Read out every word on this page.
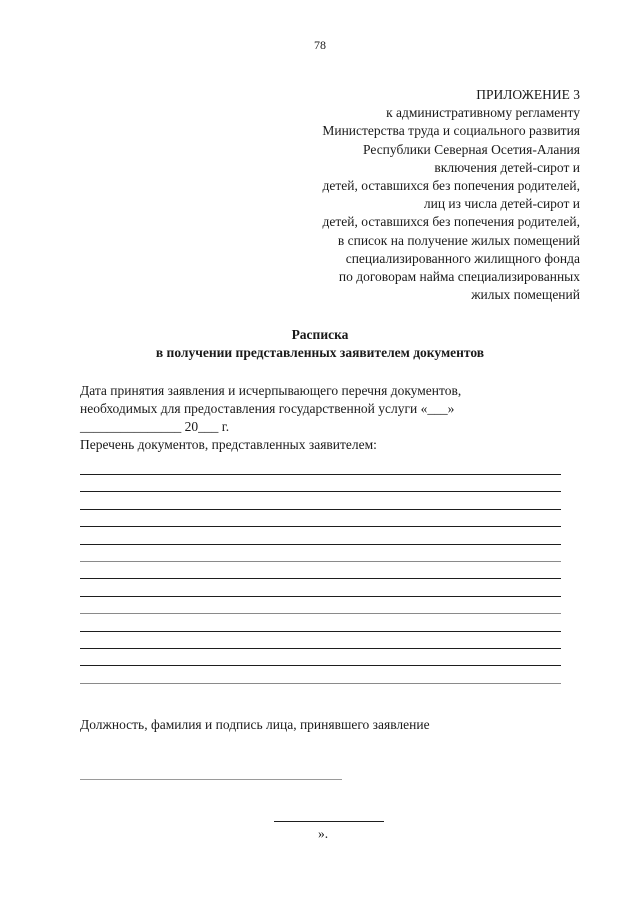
78
ПРИЛОЖЕНИЕ 3
к административному регламенту
Министерства труда и социального развития
Республики Северная Осетия-Алания
включения детей-сирот и
детей, оставшихся без попечения родителей,
лиц из числа детей-сирот и
детей, оставшихся без попечения родителей,
в список на получение жилых помещений
специализированного жилищного фонда
по договорам найма специализированных
жилых помещений
Расписка
в получении представленных заявителем документов
Дата принятия заявления и исчерпывающего перечня документов,
необходимых для предоставления государственной услуги «___»
_______________ 20___ г.
Перечень документов, представленных заявителем:
Должность, фамилия и подпись лица, принявшего заявление
».
